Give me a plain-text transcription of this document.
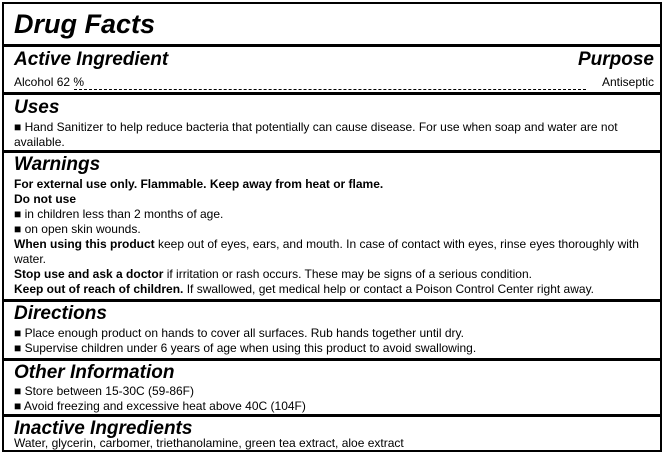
Drug Facts
Active Ingredient	Purpose
Alcohol 62 %	Antiseptic
Uses
■ Hand Sanitizer to help reduce bacteria that potentially can cause disease. For use when soap and water are not available.
Warnings
For external use only. Flammable. Keep away from heat or flame.
Do not use
■ in children less than 2 months of age.
■ on open skin wounds.
When using this product keep out of eyes, ears, and mouth. In case of contact with eyes, rinse eyes thoroughly with water.
Stop use and ask a doctor if irritation or rash occurs. These may be signs of a serious condition.
Keep out of reach of children. If swallowed, get medical help or contact a Poison Control Center right away.
Directions
■ Place enough product on hands to cover all surfaces. Rub hands together until dry.
■ Supervise children under 6 years of age when using this product to avoid swallowing.
Other Information
■ Store between 15-30C (59-86F)
■ Avoid freezing and excessive heat above 40C (104F)
Inactive Ingredients
Water, glycerin, carbomer, triethanolamine, green tea extract, aloe extract
